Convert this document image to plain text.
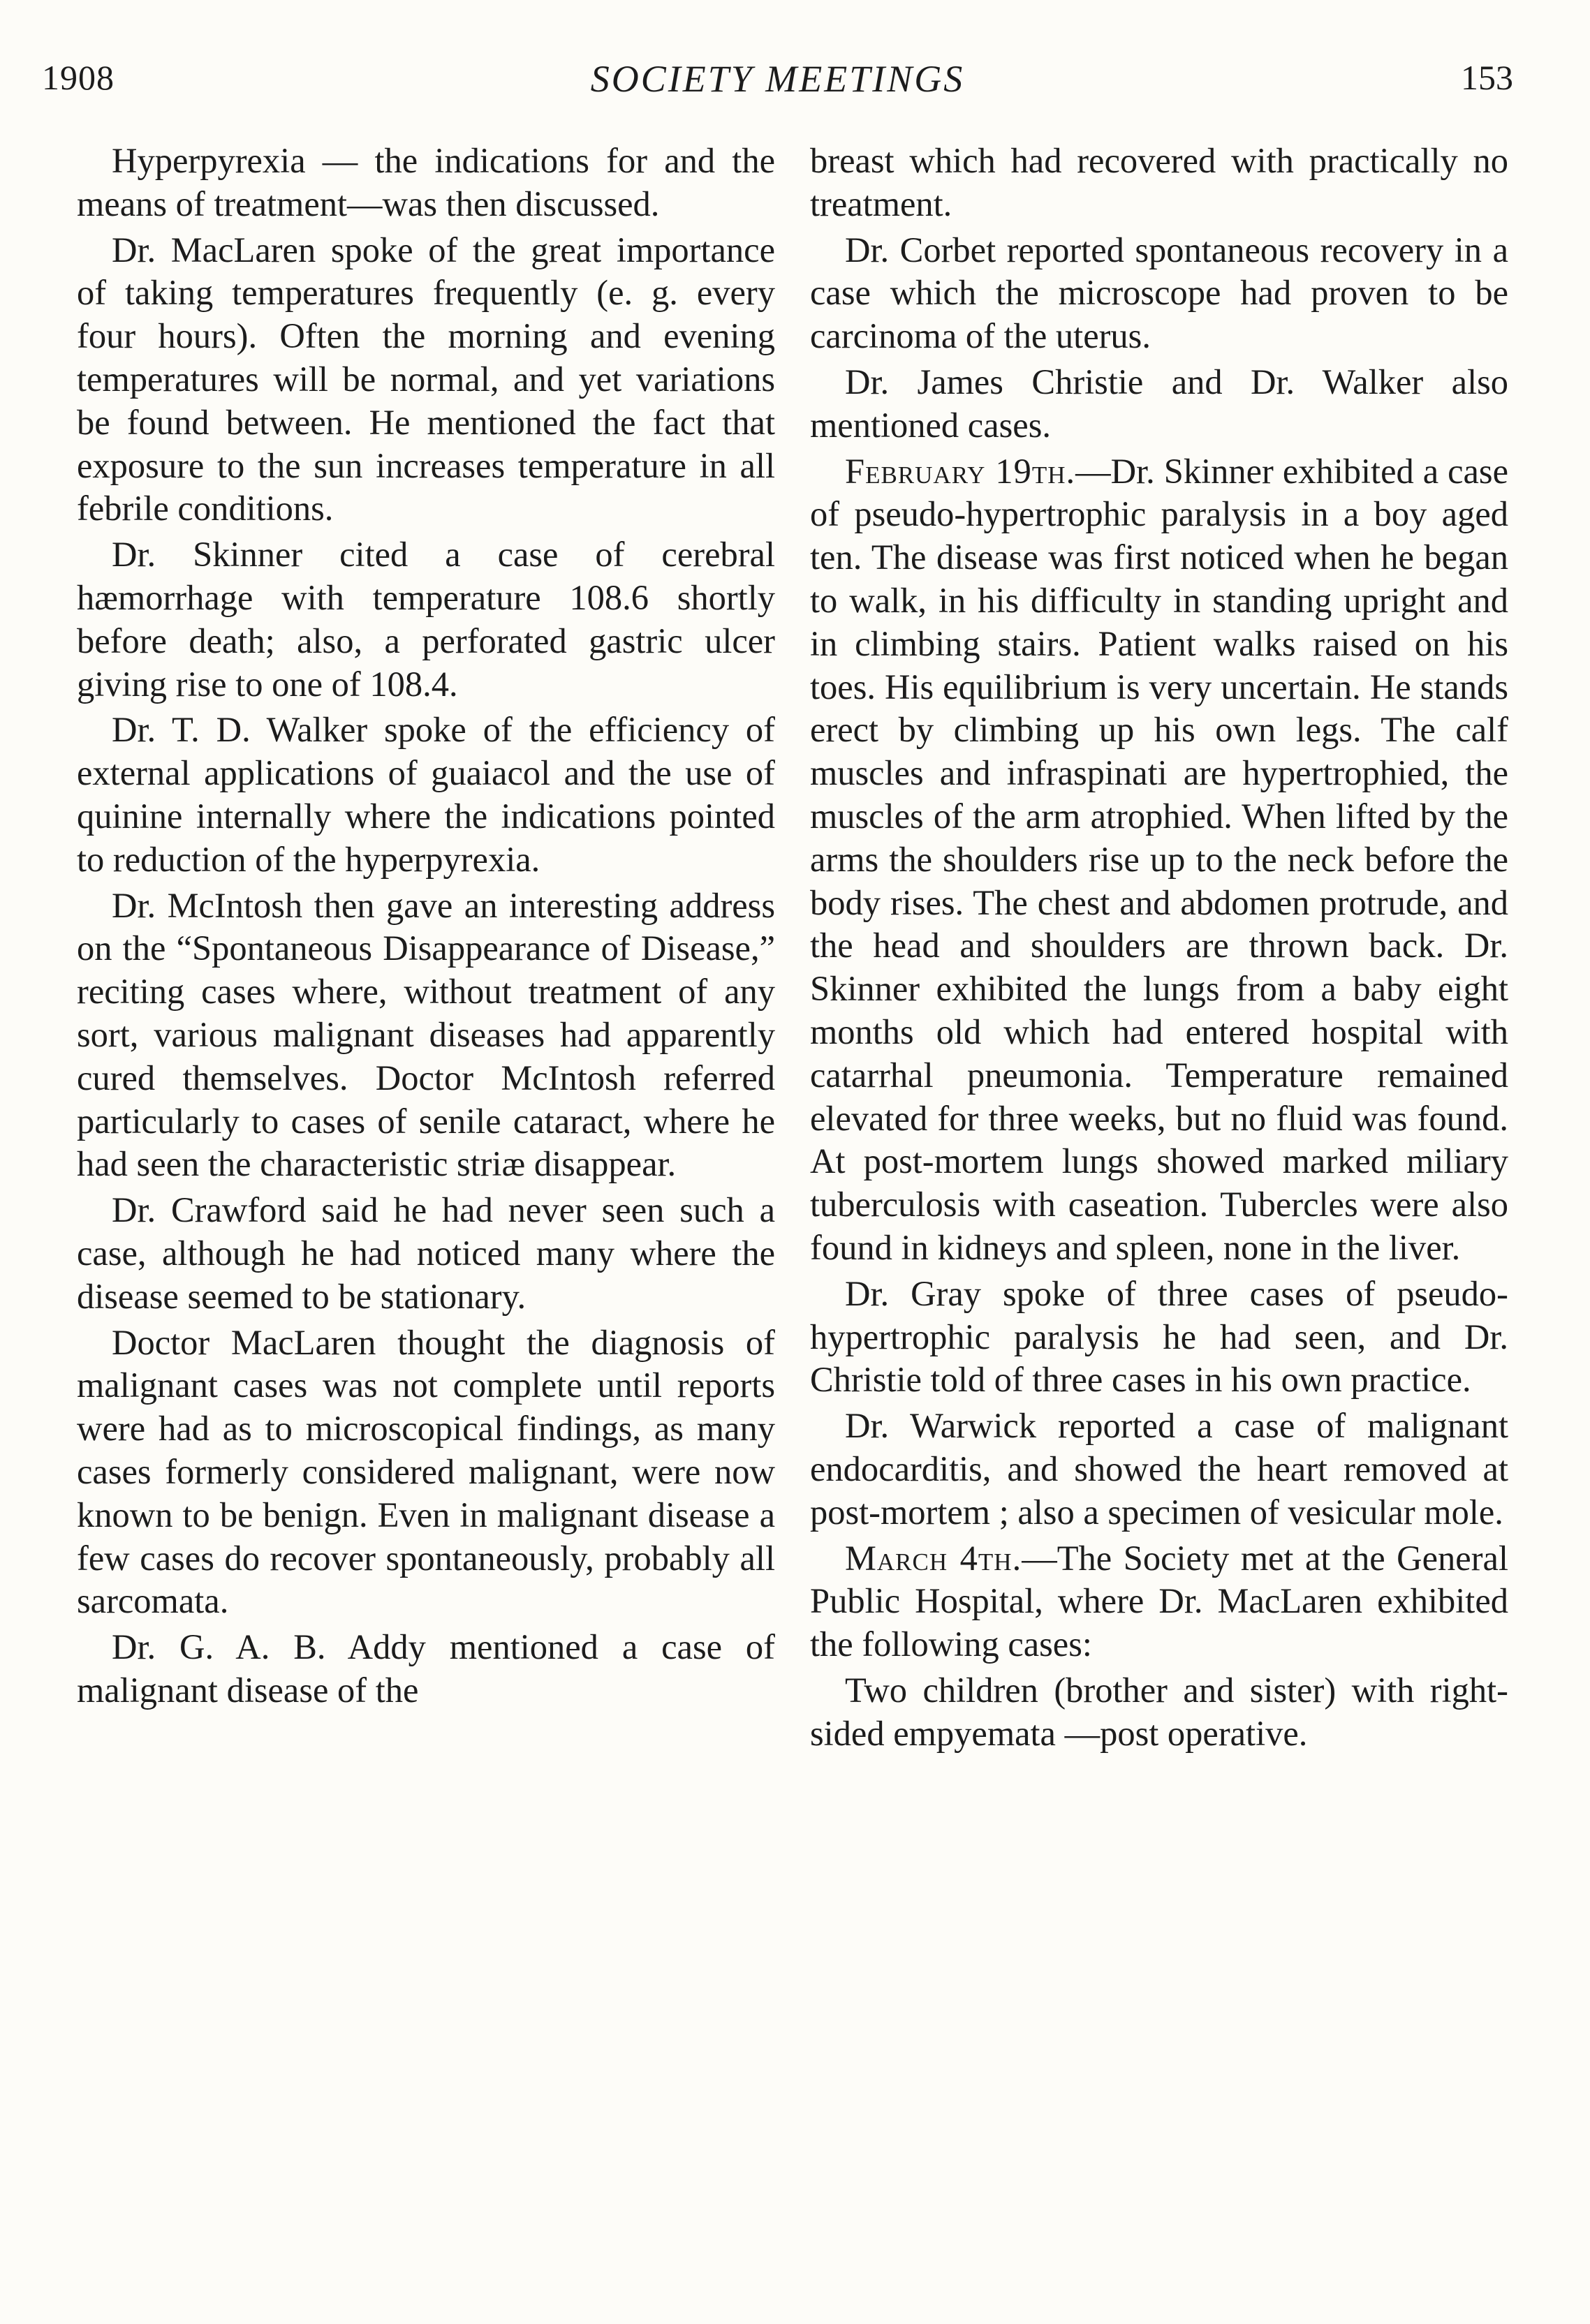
1908	SOCIETY MEETINGS	153

Hyperpyrexia — the indications for and the means of treatment—was then discussed.

Dr. MacLaren spoke of the great importance of taking temperatures frequently (e. g. every four hours). Often the morning and evening temperatures will be normal, and yet variations be found between. He mentioned the fact that exposure to the sun increases temperature in all febrile conditions.

Dr. Skinner cited a case of cerebral hæmorrhage with temperature 108.6 shortly before death; also, a perforated gastric ulcer giving rise to one of 108.4.

Dr. T. D. Walker spoke of the efficiency of external applications of guaiacol and the use of quinine internally where the indications pointed to reduction of the hyperpyrexia.

Dr. McIntosh then gave an interesting address on the “Spontaneous Disappearance of Disease,” reciting cases where, without treatment of any sort, various malignant diseases had apparently cured themselves. Doctor McIntosh referred particularly to cases of senile cataract, where he had seen the characteristic striæ disappear.

Dr. Crawford said he had never seen such a case, although he had noticed many where the disease seemed to be stationary.

Doctor MacLaren thought the diagnosis of malignant cases was not complete until reports were had as to microscopical findings, as many cases formerly considered malignant, were now known to be benign. Even in malignant disease a few cases do recover spontaneously, probably all sarcomata.

Dr. G. A. B. Addy mentioned a case of malignant disease of the

breast which had recovered with practically no treatment.

Dr. Corbet reported spontaneous recovery in a case which the microscope had proven to be carcinoma of the uterus.

Dr. James Christie and Dr. Walker also mentioned cases.

February 19th.—Dr. Skinner exhibited a case of pseudo-hypertrophic paralysis in a boy aged ten. The disease was first noticed when he began to walk, in his difficulty in standing upright and in climbing stairs. Patient walks raised on his toes. His equilibrium is very uncertain. He stands erect by climbing up his own legs. The calf muscles and infraspinati are hypertrophied, the muscles of the arm atrophied. When lifted by the arms the shoulders rise up to the neck before the body rises. The chest and abdomen protrude, and the head and shoulders are thrown back. Dr. Skinner exhibited the lungs from a baby eight months old which had entered hospital with catarrhal pneumonia. Temperature remained elevated for three weeks, but no fluid was found. At post-mortem lungs showed marked miliary tuberculosis with caseation. Tubercles were also found in kidneys and spleen, none in the liver.

Dr. Gray spoke of three cases of pseudo-hypertrophic paralysis he had seen, and Dr. Christie told of three cases in his own practice.

Dr. Warwick reported a case of malignant endocarditis, and showed the heart removed at post-mortem ; also a specimen of vesicular mole.

March 4th.—The Society met at the General Public Hospital, where Dr. MacLaren exhibited the following cases:

Two children (brother and sister) with right-sided empyemata —post operative.
